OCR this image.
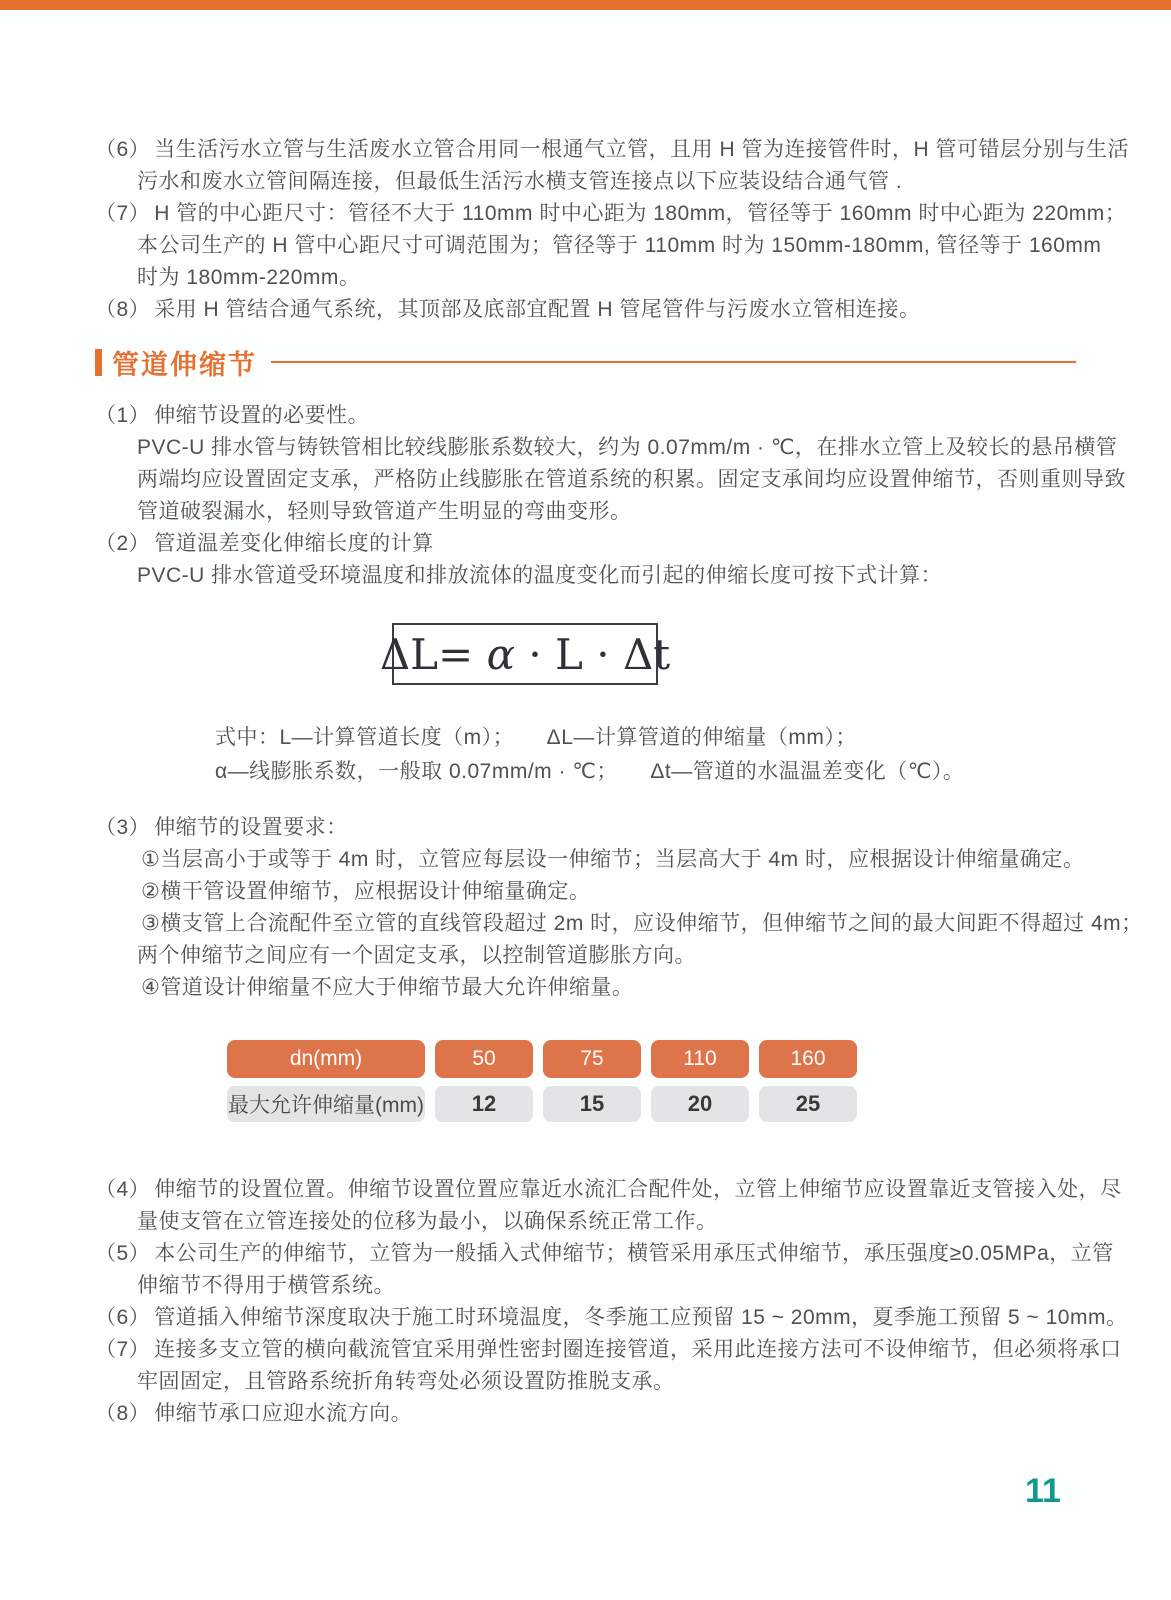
（6） 当生活污水立管与生活废水立管合用同一根通气立管，且用 H 管为连接管件时，H 管可错层分别与生活
污水和废水立管间隔连接，但最低生活污水横支管连接点以下应装设结合通气管 .
（7） H 管的中心距尺寸：管径不大于 110mm 时中心距为 180mm，管径等于 160mm 时中心距为 220mm；
本公司生产的 H 管中心距尺寸可调范围为；管径等于 110mm 时为 150mm-180mm, 管径等于 160mm
时为 180mm-220mm。
（8） 采用 H 管结合通气系统，其顶部及底部宜配置 H 管尾管件与污废水立管相连接。
管道伸缩节
（1） 伸缩节设置的必要性。
PVC-U 排水管与铸铁管相比较线膨胀系数较大，约为 0.07mm/m · ℃，在排水立管上及较长的悬吊横管
两端均应设置固定支承，严格防止线膨胀在管道系统的积累。固定支承间均应设置伸缩节，否则重则导致
管道破裂漏水，轻则导致管道产生明显的弯曲变形。
（2） 管道温差变化伸缩长度的计算
PVC-U 排水管道受环境温度和排放流体的温度变化而引起的伸缩长度可按下式计算：
ΔL= α · L · Δt
式中：L—计算管道长度（m）；　　ΔL—计算管道的伸缩量（mm）；
α—线膨胀系数，一般取 0.07mm/m · ℃；　　Δt—管道的水温温差变化（℃）。
（3） 伸缩节的设置要求：
①当层高小于或等于 4m 时，立管应每层设一伸缩节；当层高大于 4m 时，应根据设计伸缩量确定。
②横干管设置伸缩节，应根据设计伸缩量确定。
③横支管上合流配件至立管的直线管段超过 2m 时，应设伸缩节，但伸缩节之间的最大间距不得超过 4m；
两个伸缩节之间应有一个固定支承，以控制管道膨胀方向。
④管道设计伸缩量不应大于伸缩节最大允许伸缩量。
dn(mm)	50	75	110	160
最大允许伸缩量(mm)	12	15	20	25
（4） 伸缩节的设置位置。伸缩节设置位置应靠近水流汇合配件处，立管上伸缩节应设置靠近支管接入处，尽
量使支管在立管连接处的位移为最小，以确保系统正常工作。
（5） 本公司生产的伸缩节，立管为一般插入式伸缩节；横管采用承压式伸缩节，承压强度≥0.05MPa，立管
伸缩节不得用于横管系统。
（6） 管道插入伸缩节深度取决于施工时环境温度，冬季施工应预留 15 ~ 20mm，夏季施工预留 5 ~ 10mm。
（7） 连接多支立管的横向截流管宜采用弹性密封圈连接管道，采用此连接方法可不设伸缩节，但必须将承口
牢固固定，且管路系统折角转弯处必须设置防推脱支承。
（8） 伸缩节承口应迎水流方向。
11
